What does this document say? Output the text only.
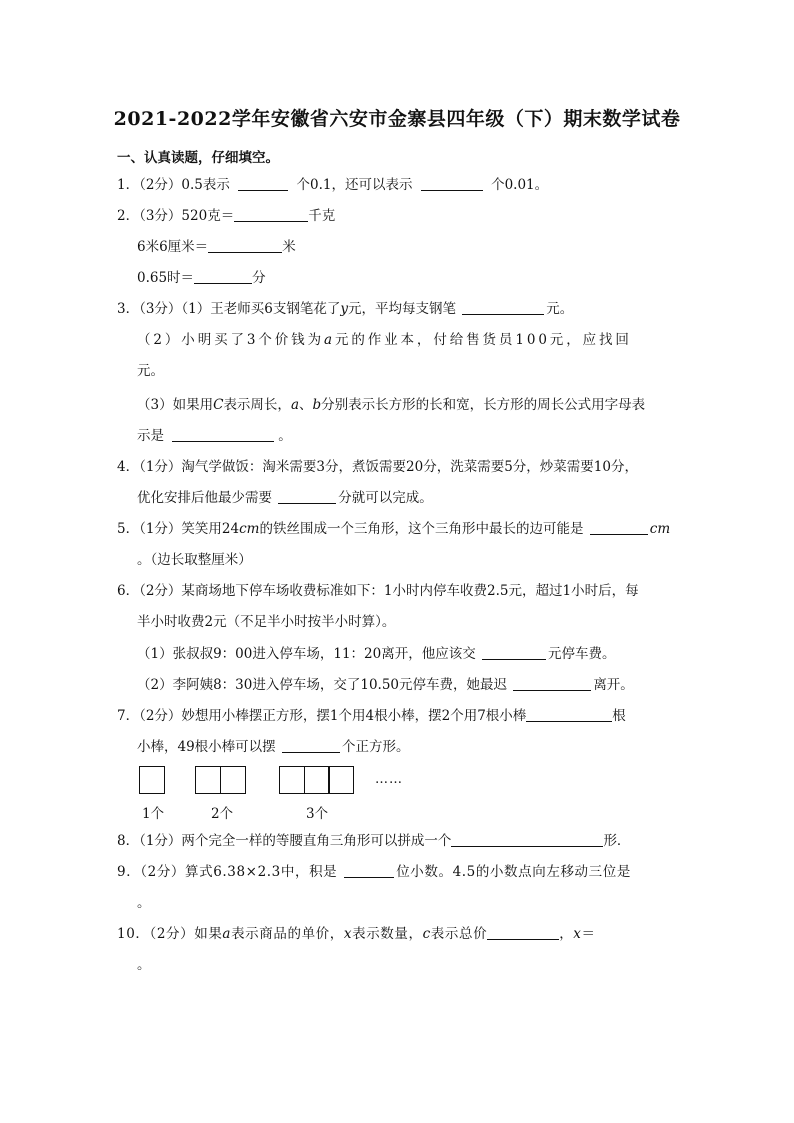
2021-2022学年安徽省六安市金寨县四年级（下）期末数学试卷
一、认真读题，仔细填空。
1．（2分）0.5表示	个0.1，还可以表示	个0.01。
2．（3分）520克＝	千克
6米6厘米＝	米
0.65时＝	分
3．（3分）（1）王老师买6支钢笔花了y元，平均每支钢笔	元。
（2）小明买了3个价钱为a元的作业本，付给售货员100元，应找回
元。
（3）如果用C表示周长，a、b分别表示长方形的长和宽，长方形的周长公式用字母表
示是	。
4．（1分）淘气学做饭：淘米需要3分，煮饭需要20分，洗菜需要5分，炒菜需要10分，
优化安排后他最少需要	分就可以完成。
5．（1分）笑笑用24cm的铁丝围成一个三角形，这个三角形中最长的边可能是	cm
。（边长取整厘米）
6．（2分）某商场地下停车场收费标准如下：1小时内停车收费2.5元，超过1小时后，每
半小时收费2元（不足半小时按半小时算）。
（1）张叔叔9：00进入停车场，11：20离开，他应该交	元停车费。
（2）李阿姨8：30进入停车场，交了10.50元停车费，她最迟	离开。
7．（2分）妙想用小棒摆正方形，摆1个用4根小棒，摆2个用7根小棒	根
小棒，49根小棒可以摆	个正方形。
……
1个	2个	3个
8．（1分）两个完全一样的等腰直角三角形可以拼成一个	形．
9．（2分）算式6.38×2.3中，积是	位小数。4.5的小数点向左移动三位是
。
10．（2分）如果a表示商品的单价，x表示数量，c表示总价	，x＝
。
